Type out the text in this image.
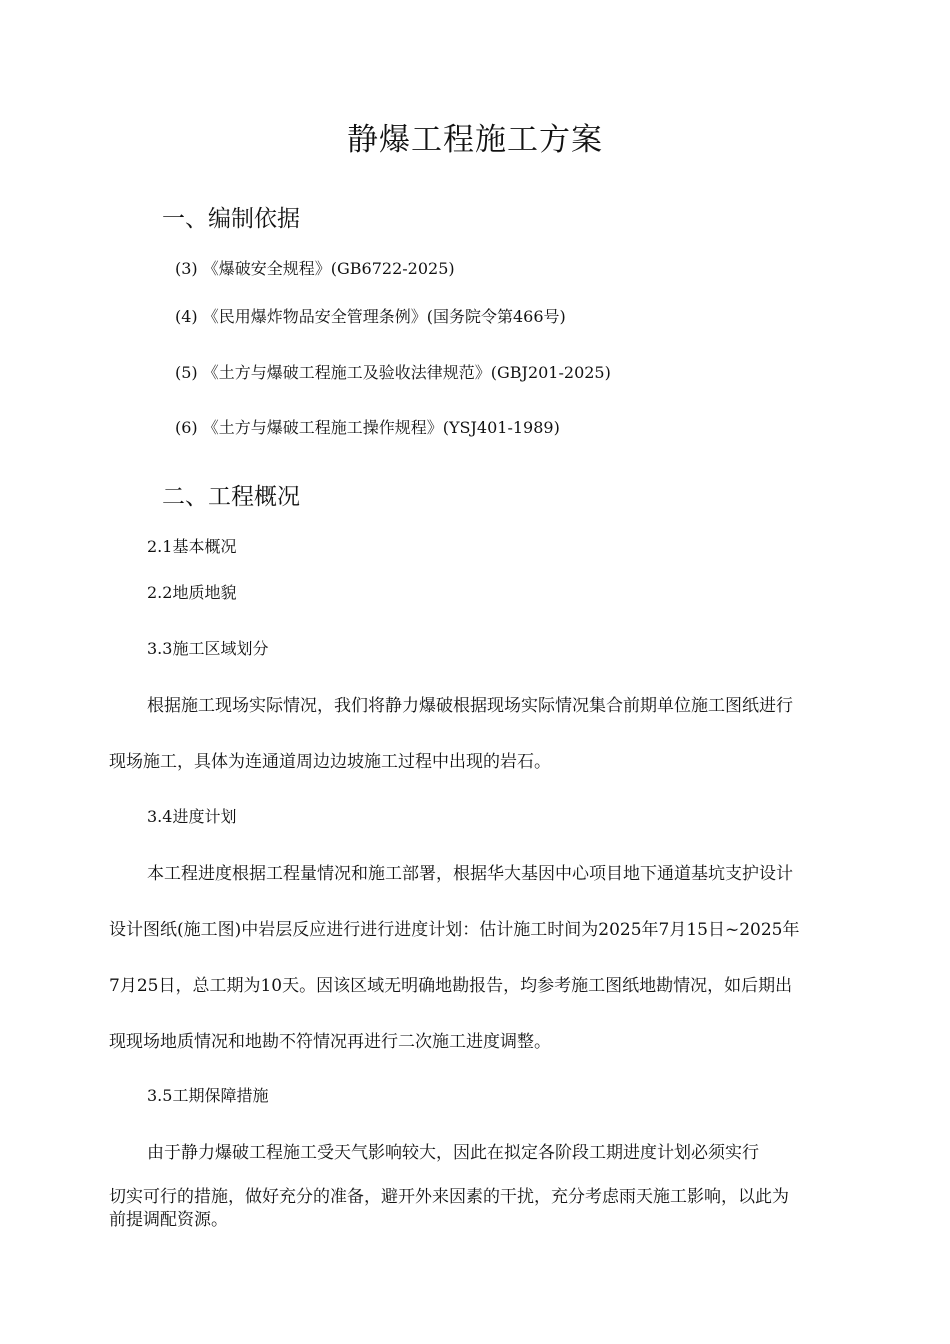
静爆工程施工方案
一、编制依据
(3) 《爆破安全规程》(GB6722-2025)
(4) 《民用爆炸物品安全管理条例》(国务院令第466号)
(5) 《土方与爆破工程施工及验收法律规范》(GBJ201-2025)
(6) 《土方与爆破工程施工操作规程》(YSJ401-1989)
二、工程概况
2.1基本概况
2.2地质地貌
3.3施工区域划分
根据施工现场实际情况，我们将静力爆破根据现场实际情况集合前期单位施工图纸进行
现场施工，具体为连通道周边边坡施工过程中出现的岩石。
3.4进度计划
本工程进度根据工程量情况和施工部署，根据华大基因中心项目地下通道基坑支护设计
设计图纸(施工图)中岩层反应进行进行进度计划：估计施工时间为2025年7月15日~2025年
7月25日，总工期为10天。因该区域无明确地勘报告，均参考施工图纸地勘情况，如后期出
现现场地质情况和地勘不符情况再进行二次施工进度调整。
3.5工期保障措施
由于静力爆破工程施工受天气影响较大，因此在拟定各阶段工期进度计划必须实行
切实可行的措施，做好充分的准备，避开外来因素的干扰，充分考虑雨天施工影响，以此为
前提调配资源。
